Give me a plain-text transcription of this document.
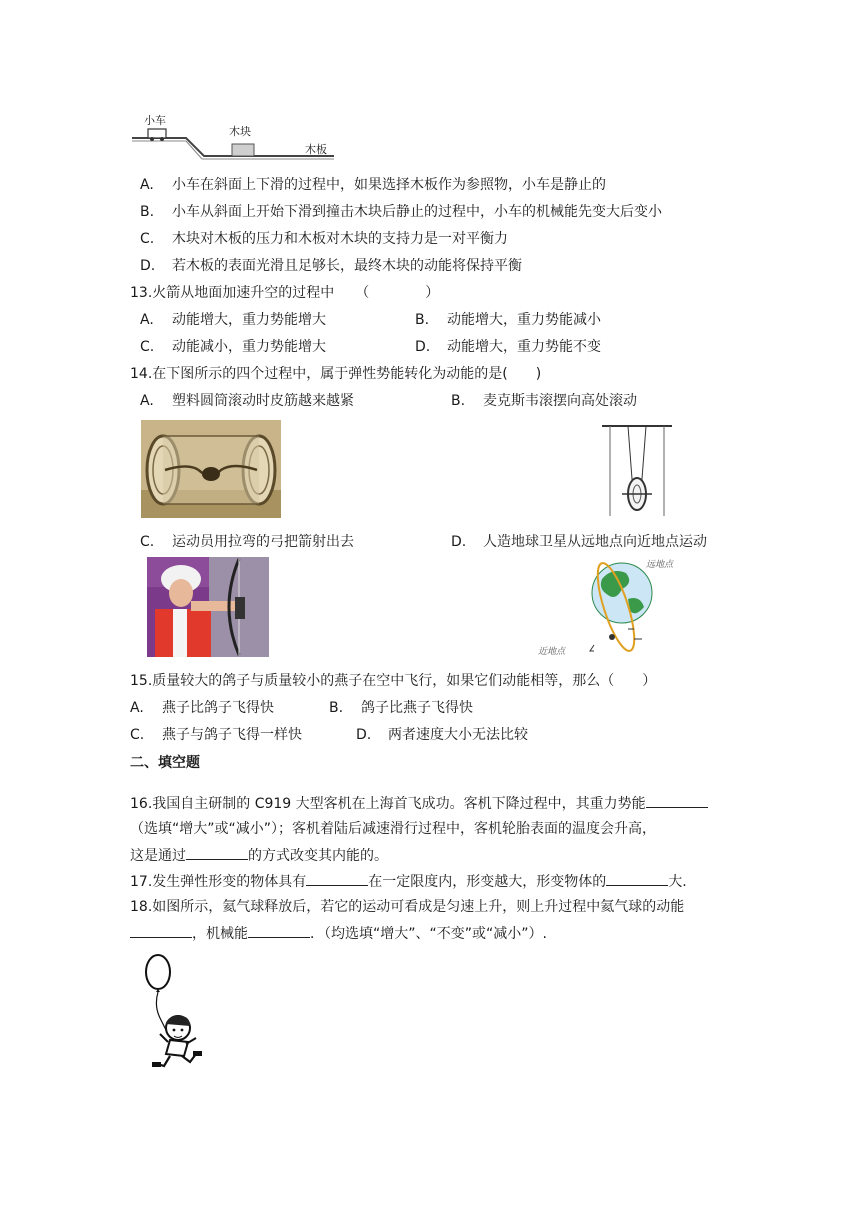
小车
木块
木板
A. 小车在斜面上下滑的过程中，如果选择木板作为参照物，小车是静止的
B. 小车从斜面上开始下滑到撞击木块后静止的过程中，小车的机械能先变大后变小
C. 木块对木板的压力和木板对木块的支持力是一对平衡力
D. 若木板的表面光滑且足够长，最终木块的动能将保持平衡
13.火箭从地面加速升空的过程中　　（　　　　）
A. 动能增大，重力势能增大	B. 动能增大，重力势能减小
C. 动能减小，重力势能增大	D. 动能增大，重力势能不变
14.在下图所示的四个过程中，属于弹性势能转化为动能的是(　　)
A. 塑料圆筒滚动时皮筋越来越紧	B. 麦克斯韦滚摆向高处滚动
C. 运动员用拉弯的弓把箭射出去	D. 人造地球卫星从远地点向近地点运动
远地点
近地点
15.质量较大的鸽子与质量较小的燕子在空中飞行，如果它们动能相等，那么（　　）
A. 燕子比鸽子飞得快	B. 鸽子比燕子飞得快
C. 燕子与鸽子飞得一样快	D. 两者速度大小无法比较
二、填空题
16.我国自主研制的 C919 大型客机在上海首飞成功。客机下降过程中，其重力势能
（选填“增大”或“减小”）；客机着陆后减速滑行过程中，客机轮胎表面的温度会升高，
这是通过	的方式改变其内能的。
17.发生弹性形变的物体具有	在一定限度内，形变越大，形变物体的	大.
18.如图所示，氦气球释放后，若它的运动可看成是匀速上升，则上升过程中氦气球的动能
，机械能	．（均选填“增大”、“不变”或“减小”）.
